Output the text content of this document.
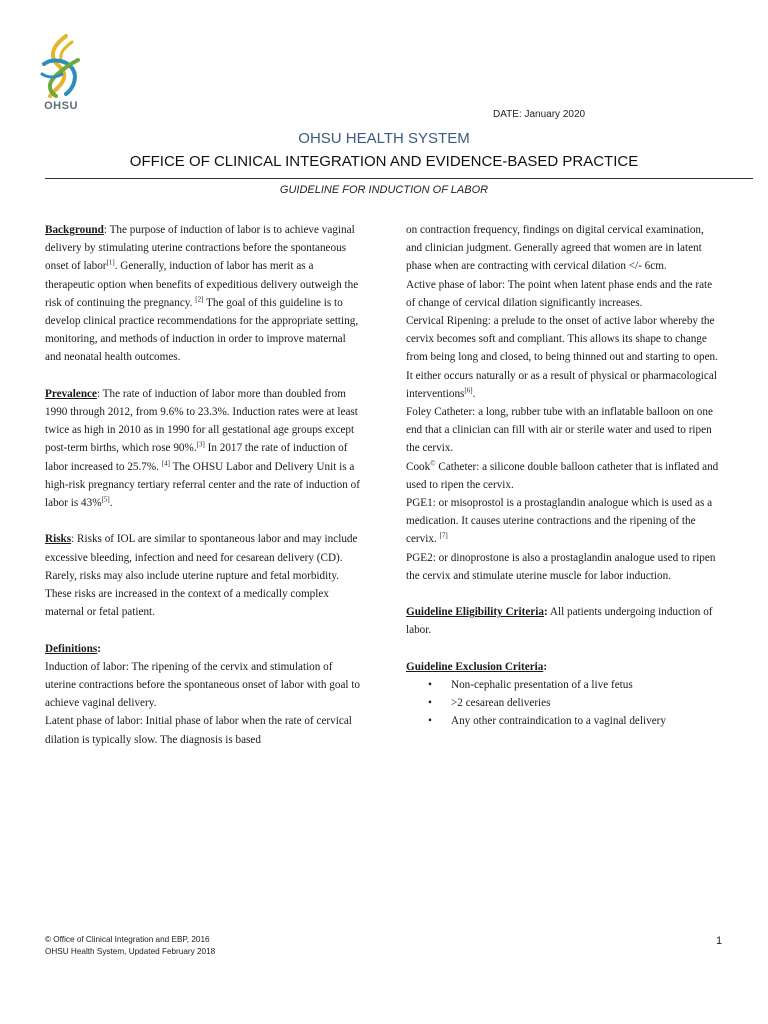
OHSU
DATE: January 2020
OHSU HEALTH SYSTEM
OFFICE OF CLINICAL INTEGRATION AND EVIDENCE-BASED PRACTICE
GUIDELINE FOR INDUCTION OF LABOR

Background: The purpose of induction of labor is to achieve vaginal delivery by stimulating uterine contractions before the spontaneous onset of labor[1]. Generally, induction of labor has merit as a therapeutic option when benefits of expeditious delivery outweigh the risk of continuing the pregnancy. [2] The goal of this guideline is to develop clinical practice recommendations for the appropriate setting, monitoring, and methods of induction in order to improve maternal and neonatal health outcomes.

Prevalence: The rate of induction of labor more than doubled from 1990 through 2012, from 9.6% to 23.3%. Induction rates were at least twice as high in 2010 as in 1990 for all gestational age groups except post-term births, which rose 90%.[3] In 2017 the rate of induction of labor increased to 25.7%. [4] The OHSU Labor and Delivery Unit is a high-risk pregnancy tertiary referral center and the rate of induction of labor is 43%[5].

Risks: Risks of IOL are similar to spontaneous labor and may include excessive bleeding, infection and need for cesarean delivery (CD). Rarely, risks may also include uterine rupture and fetal morbidity. These risks are increased in the context of a medically complex maternal or fetal patient.

Definitions:

Induction of labor: The ripening of the cervix and stimulation of uterine contractions before the spontaneous onset of labor with goal to achieve vaginal delivery.

Latent phase of labor: Initial phase of labor when the rate of cervical dilation is typically slow. The diagnosis is based

on contraction frequency, findings on digital cervical examination, and clinician judgment. Generally agreed that women are in latent phase when are contracting with cervical dilation </- 6cm.

Active phase of labor: The point when latent phase ends and the rate of change of cervical dilation significantly increases.

Cervical Ripening: a prelude to the onset of active labor whereby the cervix becomes soft and compliant. This allows its shape to change from being long and closed, to being thinned out and starting to open. It either occurs naturally or as a result of physical or pharmacological interventions[6].

Foley Catheter: a long, rubber tube with an inflatable balloon on one end that a clinician can fill with air or sterile water and used to ripen the cervix.

Cook© Catheter: a silicone double balloon catheter that is inflated and used to ripen the cervix.

PGE1: or misoprostol is a prostaglandin analogue which is used as a medication. It causes uterine contractions and the ripening of the cervix. [7]

PGE2: or dinoprostone is also a prostaglandin analogue used to ripen the cervix and stimulate uterine muscle for labor induction.

Guideline Eligibility Criteria: All patients undergoing induction of labor.

Guideline Exclusion Criteria:

• Non-cephalic presentation of a live fetus
• >2 cesarean deliveries
• Any other contraindication to a vaginal delivery
© Office of Clinical Integration and EBP, 2016
OHSU Health System, Updated February 2018
1
